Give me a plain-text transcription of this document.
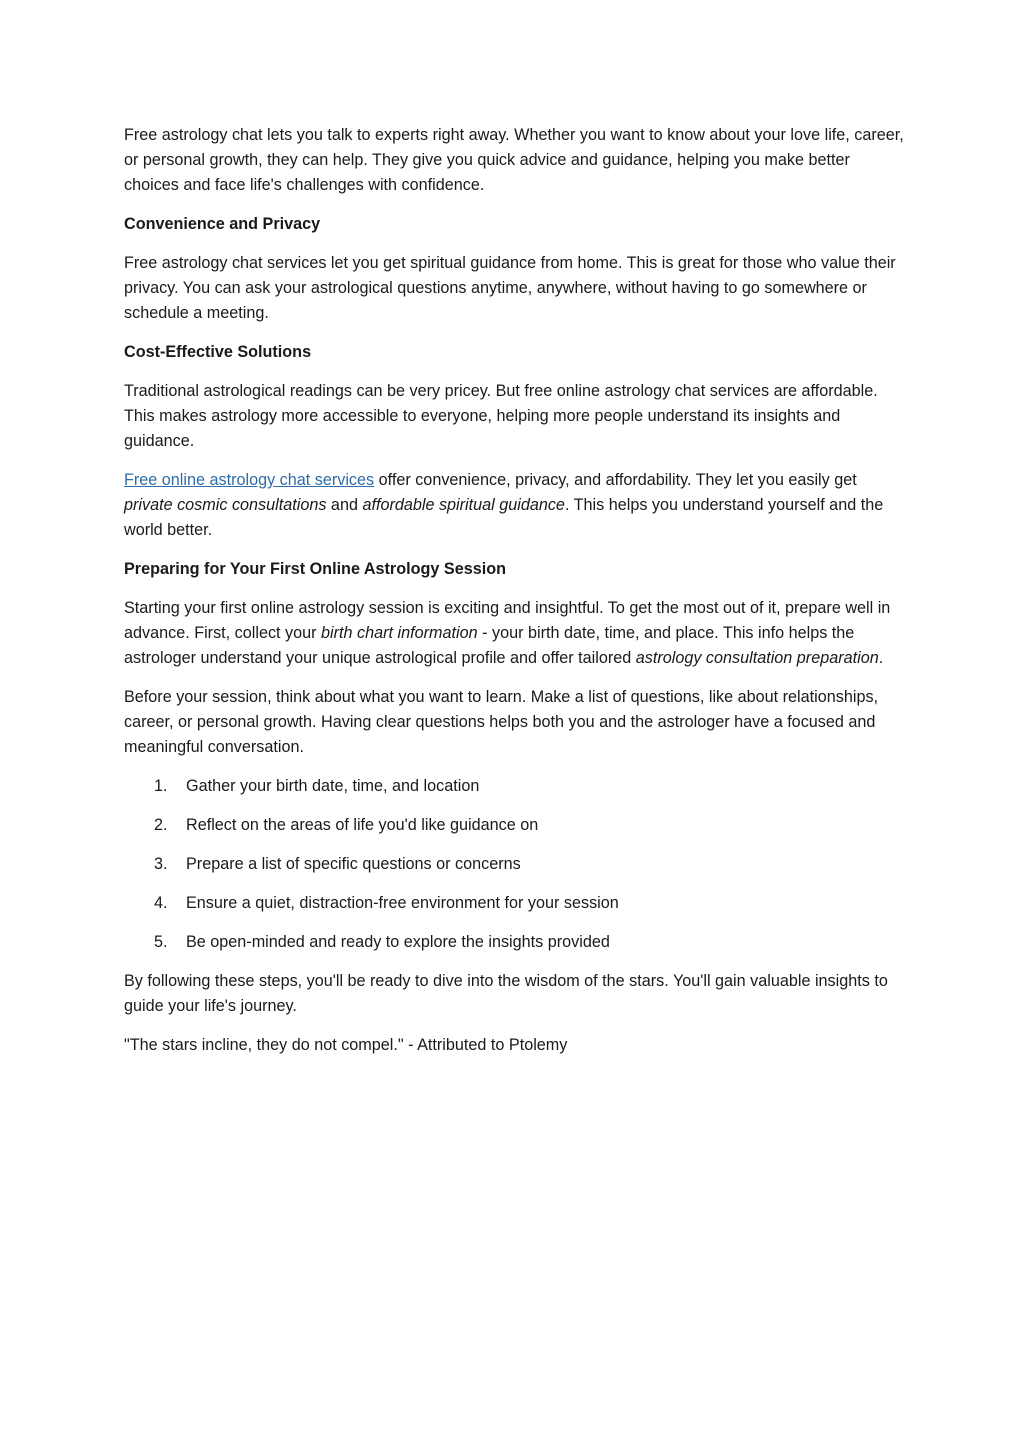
Free astrology chat lets you talk to experts right away. Whether you want to know about your love life, career, or personal growth, they can help. They give you quick advice and guidance, helping you make better choices and face life's challenges with confidence.

Convenience and Privacy

Free astrology chat services let you get spiritual guidance from home. This is great for those who value their privacy. You can ask your astrological questions anytime, anywhere, without having to go somewhere or schedule a meeting.

Cost-Effective Solutions

Traditional astrological readings can be very pricey. But free online astrology chat services are affordable. This makes astrology more accessible to everyone, helping more people understand its insights and guidance.

Free online astrology chat services offer convenience, privacy, and affordability. They let you easily get private cosmic consultations and affordable spiritual guidance. This helps you understand yourself and the world better.

Preparing for Your First Online Astrology Session

Starting your first online astrology session is exciting and insightful. To get the most out of it, prepare well in advance. First, collect your birth chart information - your birth date, time, and place. This info helps the astrologer understand your unique astrological profile and offer tailored astrology consultation preparation.

Before your session, think about what you want to learn. Make a list of questions, like about relationships, career, or personal growth. Having clear questions helps both you and the astrologer have a focused and meaningful conversation.

1.	Gather your birth date, time, and location
2.	Reflect on the areas of life you'd like guidance on
3.	Prepare a list of specific questions or concerns
4.	Ensure a quiet, distraction-free environment for your session
5.	Be open-minded and ready to explore the insights provided

By following these steps, you'll be ready to dive into the wisdom of the stars. You'll gain valuable insights to guide your life's journey.

"The stars incline, they do not compel." - Attributed to Ptolemy
